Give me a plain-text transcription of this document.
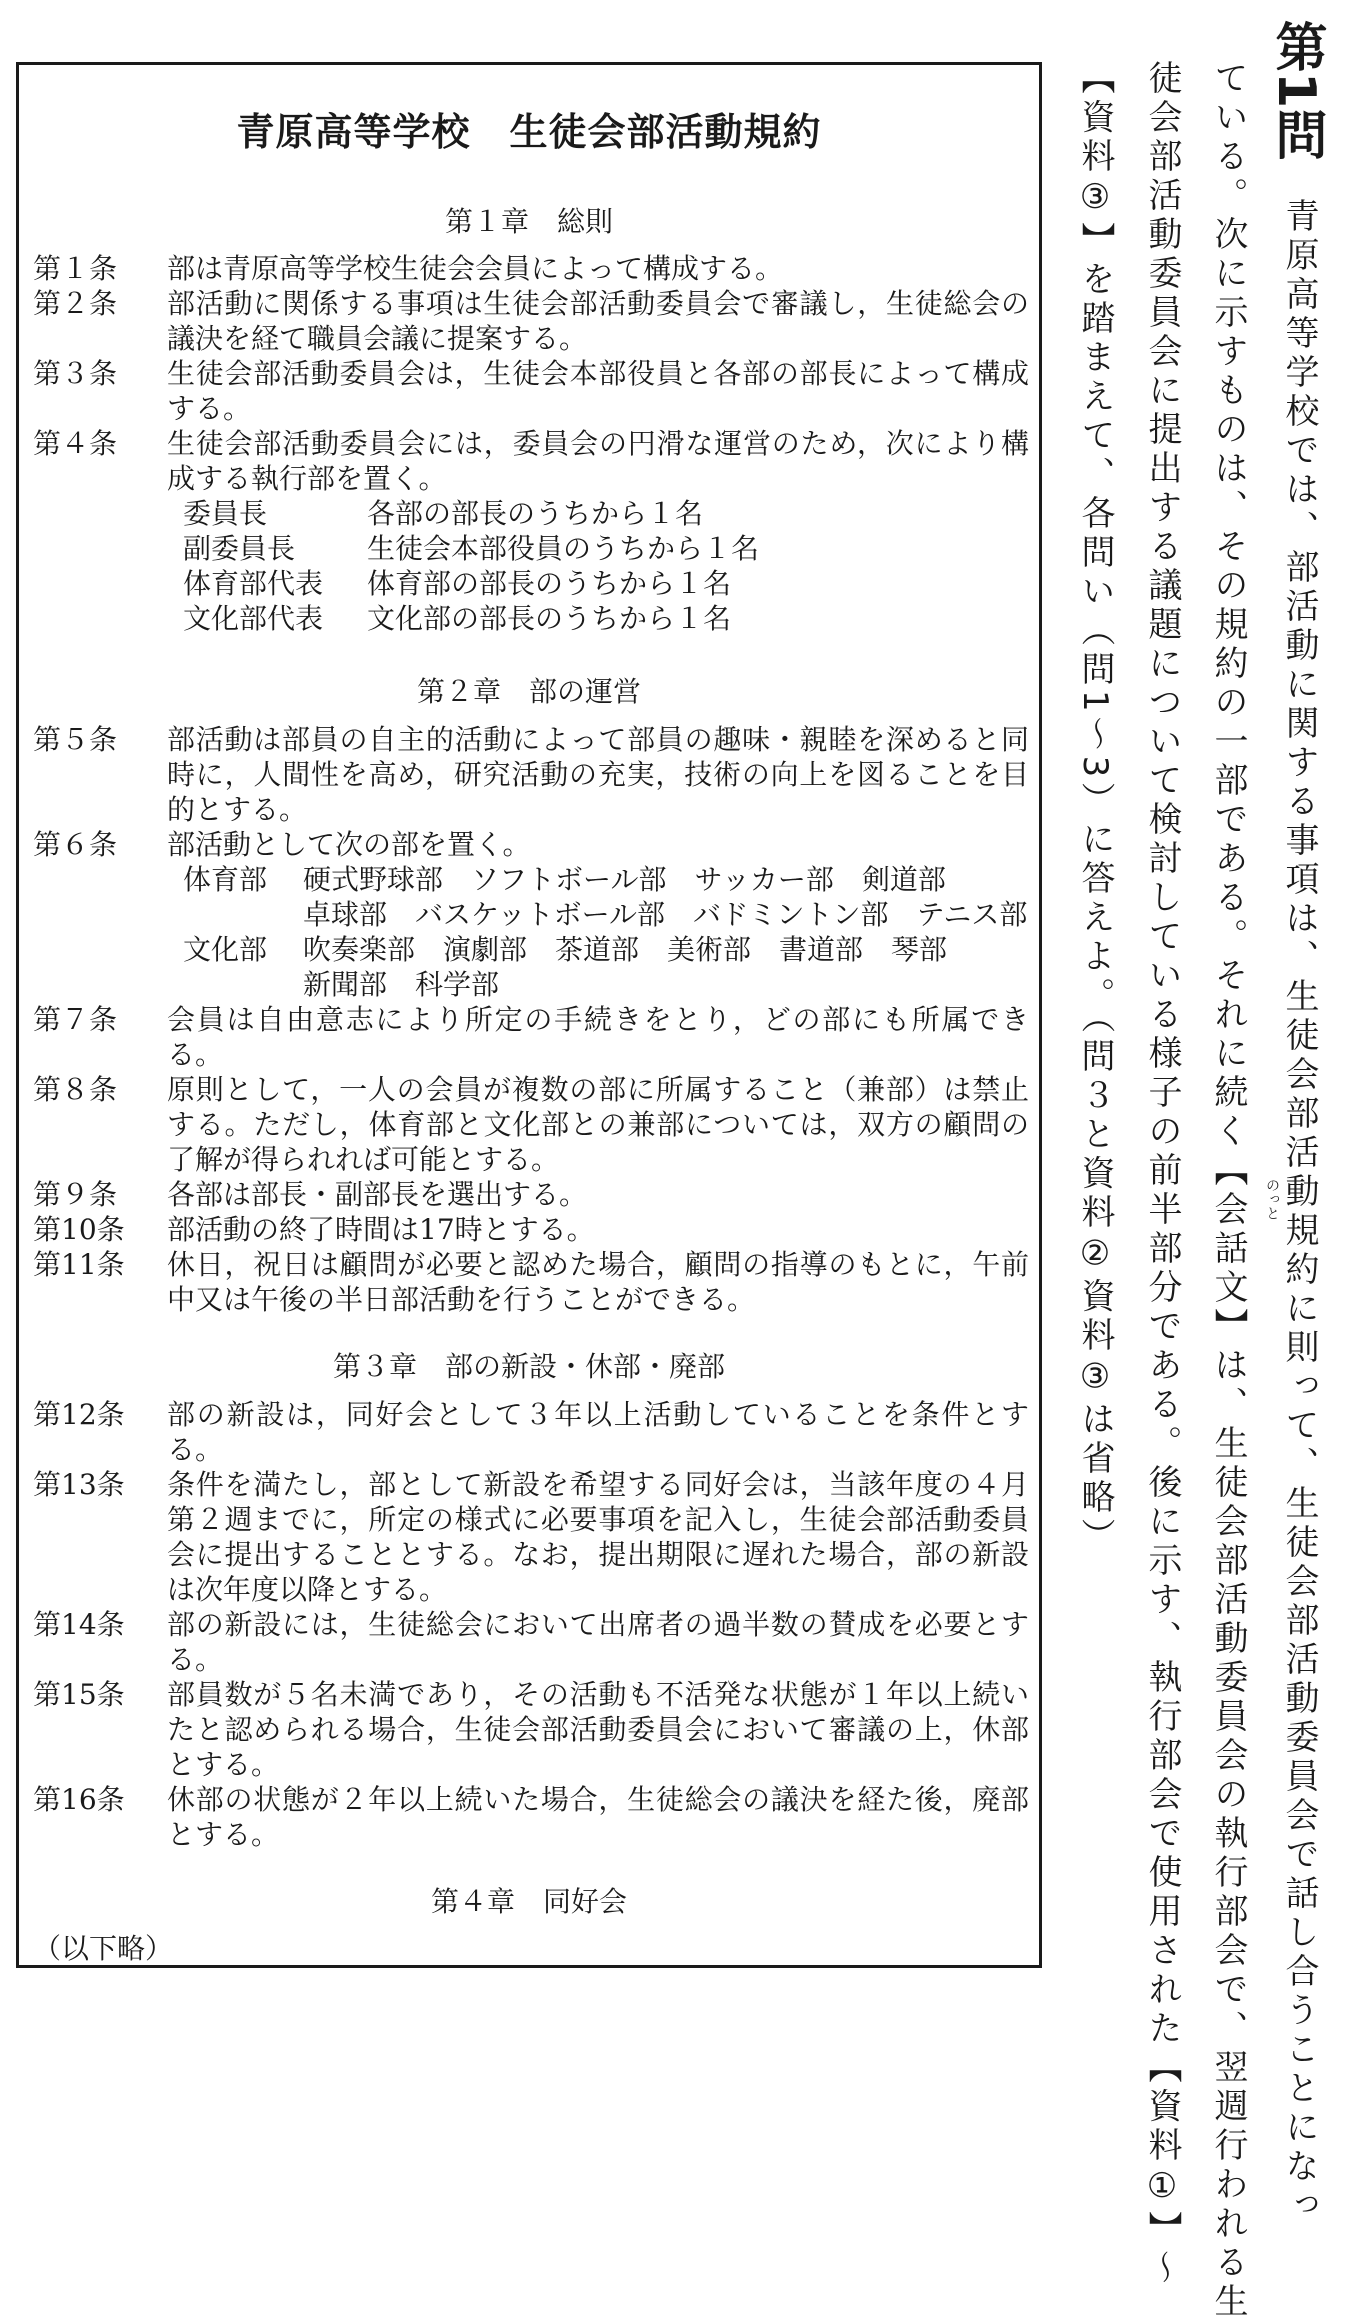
第1問
青原高等学校では、部活動に関する事項は、生徒会部活動規約に則って、生徒会部活動委員会で話し合うことになっ
のっと
ている。次に示すものは、その規約の一部である。それに続く【会話文】は、生徒会部活動委員会の執行部会で、翌週行われる生
徒会部活動委員会に提出する議題について検討している様子の前半部分である。後に示す、執行部会で使用された【資料①】〜
【資料③】を踏まえて、各問い（問1〜3）に答えよ。（問３と資料②資料③は省略）
青原高等学校　生徒会部活動規約
第１章　総則
第１条	部は青原高等学校生徒会会員によって構成する。
第２条	部活動に関係する事項は生徒会部活動委員会で審議し，生徒総会の議決を経て職員会議に提案する。
第３条	生徒会部活動委員会は，生徒会本部役員と各部の部長によって構成する。
第４条	生徒会部活動委員会には，委員会の円滑な運営のため，次により構成する執行部を置く。
委員長	各部の部長のうちから１名
副委員長	生徒会本部役員のうちから１名
体育部代表 体育部の部長のうちから１名
文化部代表 文化部の部長のうちから１名
第２章　部の運営
第５条	部活動は部員の自主的活動によって部員の趣味・親睦を深めると同時に，人間性を高め，研究活動の充実，技術の向上を図ることを目的とする。
第６条	部活動として次の部を置く。
体育部 硬式野球部　ソフトボール部　サッカー部　剣道部
卓球部　バスケットボール部　バドミントン部　テニス部
文化部 吹奏楽部　演劇部　茶道部　美術部　書道部　琴部
新聞部　科学部
第７条	会員は自由意志により所定の手続きをとり，どの部にも所属できる。
第８条	原則として，一人の会員が複数の部に所属すること（兼部）は禁止する。ただし，体育部と文化部との兼部については，双方の顧問の了解が得られれば可能とする。
第９条	各部は部長・副部長を選出する。
第10条	部活動の終了時間は17時とする。
第11条	休日，祝日は顧問が必要と認めた場合，顧問の指導のもとに，午前中又は午後の半日部活動を行うことができる。
第３章　部の新設・休部・廃部
第12条	部の新設は，同好会として３年以上活動していることを条件とする。
第13条	条件を満たし，部として新設を希望する同好会は，当該年度の４月第２週までに，所定の様式に必要事項を記入し，生徒会部活動委員会に提出することとする。なお，提出期限に遅れた場合，部の新設は次年度以降とする。
第14条	部の新設には，生徒総会において出席者の過半数の賛成を必要とする。
第15条	部員数が５名未満であり，その活動も不活発な状態が１年以上続いたと認められる場合，生徒会部活動委員会において審議の上，休部とする。
第16条	休部の状態が２年以上続いた場合，生徒総会の議決を経た後，廃部とする。
第４章　同好会
（以下略）
